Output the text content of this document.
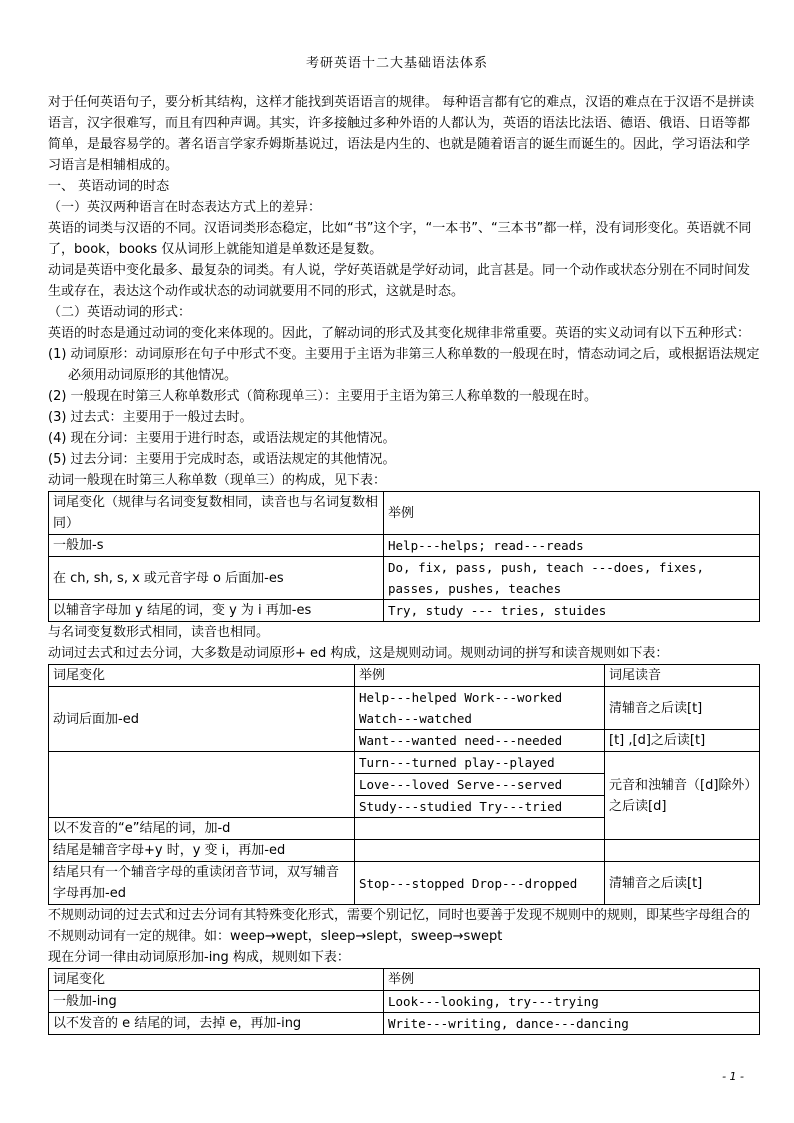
考研英语十二大基础语法体系

对于任何英语句子，要分析其结构，这样才能找到英语语言的规律。 每种语言都有它的难点，汉语的难点在于汉语不是拼读语言，汉字很难写，而且有四种声调。其实，许多接触过多种外语的人都认为，英语的语法比法语、德语、俄语、日语等都简单，是最容易学的。著名语言学家乔姆斯基说过，语法是内生的、也就是随着语言的诞生而诞生的。因此，学习语法和学习语言是相辅相成的。

一、 英语动词的时态

（一）英汉两种语言在时态表达方式上的差异：

英语的词类与汉语的不同。汉语词类形态稳定，比如“书”这个字，“一本书”、“三本书”都一样，没有词形变化。英语就不同了，book，books 仅从词形上就能知道是单数还是复数。

动词是英语中变化最多、最复杂的词类。有人说，学好英语就是学好动词，此言甚是。同一个动作或状态分别在不同时间发生或存在，表达这个动作或状态的动词就要用不同的形式，这就是时态。

（二）英语动词的形式：

英语的时态是通过动词的变化来体现的。因此，了解动词的形式及其变化规律非常重要。英语的实义动词有以下五种形式：

(1) 动词原形：动词原形在句子中形式不变。主要用于主语为非第三人称单数的一般现在时，情态动词之后，或根据语法规定必须用动词原形的其他情况。

(2) 一般现在时第三人称单数形式（简称现单三）：主要用于主语为第三人称单数的一般现在时。

(3) 过去式：主要用于一般过去时。

(4) 现在分词：主要用于进行时态，或语法规定的其他情况。

(5) 过去分词：主要用于完成时态，或语法规定的其他情况。

动词一般现在时第三人称单数（现单三）的构成，见下表：

词尾变化（规律与名词变复数相同，读音也与名词复数相同）	举例
一般加-s	Help---helps; read---reads
在 ch, sh, s, x 或元音字母 o 后面加-es	Do, fix, pass, push, teach ---does, fixes, passes, pushes, teaches
以辅音字母加 y 结尾的词，变 y 为 i 再加-es	Try, study --- tries, stuides

与名词变复数形式相同，读音也相同。

动词过去式和过去分词，大多数是动词原形+ ed 构成，这是规则动词。规则动词的拼写和读音规则如下表：

词尾变化	举例	词尾读音
动词后面加-ed	Help---helped Work---worked Watch---watched	清辅音之后读[t]
	Want---wanted need---needed	[t] ,[d]之后读[t]
	Turn---turned play--played	元音和浊辅音（[d]除外）之后读[d]
	Love---loved Serve---served	
	Study---studied Try---tried	
以不发音的“e”结尾的词，加-d		
结尾是辅音字母+y 时，y 变 i，再加-ed		
结尾只有一个辅音字母的重读闭音节词，双写辅音字母再加-ed	Stop---stopped Drop---dropped	清辅音之后读[t]

不规则动词的过去式和过去分词有其特殊变化形式，需要个别记忆，同时也要善于发现不规则中的规则，即某些字母组合的不规则动词有一定的规律。如：weep→wept，sleep→slept，sweep→swept

现在分词一律由动词原形加-ing 构成，规则如下表：

词尾变化	举例
一般加-ing	Look---looking, try---trying
以不发音的 e 结尾的词，去掉 e，再加-ing	Write---writing, dance---dancing
- 1 -
